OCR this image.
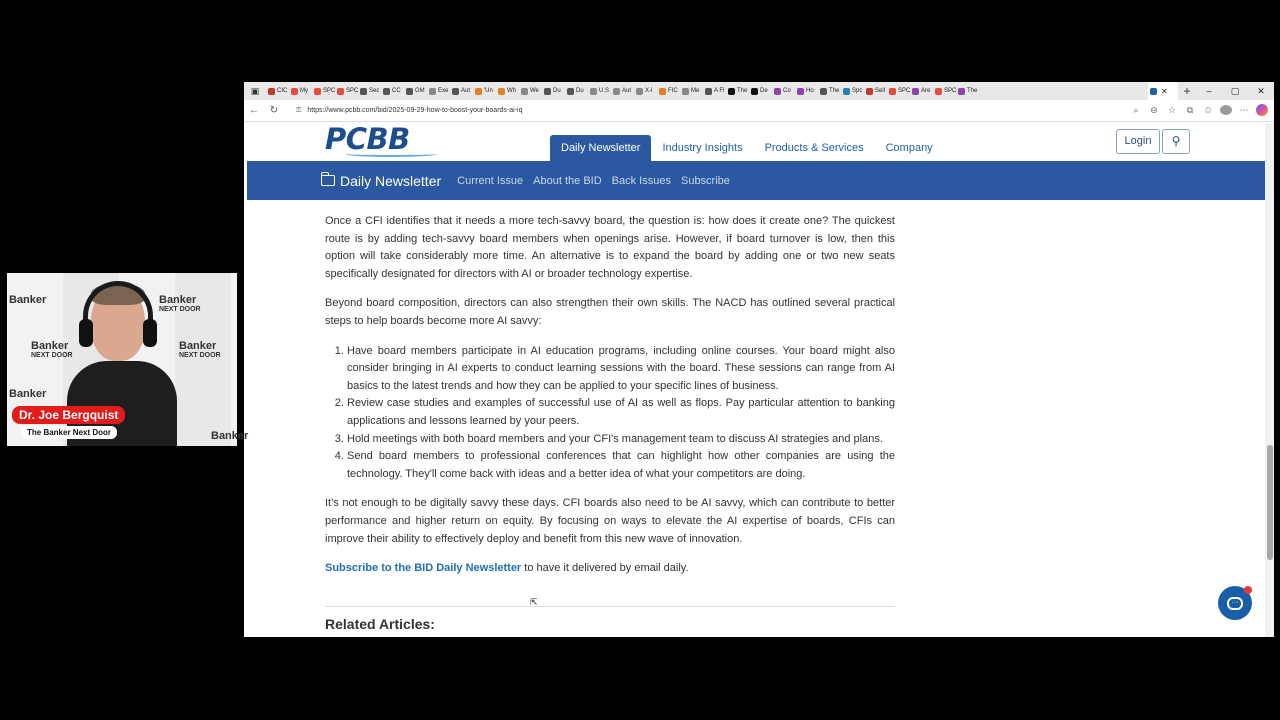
▣	CIC My	SPC SPC Sec CC GM Exe Aut 'Un Wh We Du	Du	U.S Aut X-l	FIC Me A Fi The De	Co	Ho	The Spc Sell SPC Are SPC The	✕	+	–	▢	✕
←	↻	⚿ https://www.pcbb.com/bid/2025-09-29-how-to-boost-your-boards-ai-iq	⌕	⊖ ☆	⧉	✩	⋯
PCBB	Daily Newsletter	Industry Insights	Products & Services	Company
Login	⚲
Daily Newsletter Current Issue About the BID Back Issues Subscribe

Once a CFI identifies that it needs a more tech-savvy board, the question is: how does it create one? The quickest route is by adding tech-savvy board members when openings arise. However, if board turnover is low, then this option will take considerably more time. An alternative is to expand the board by adding one or two new seats specifically designated for directors with AI or broader technology expertise.

Beyond board composition, directors can also strengthen their own skills. The NACD has outlined several practical steps to help boards become more AI savvy:

1. Have board members participate in AI education programs, including online courses. Your board might also consider bringing in AI experts to conduct learning sessions with the board. These sessions can range from AI basics to the latest trends and how they can be applied to your specific lines of business.
2. Review case studies and examples of successful use of AI as well as flops. Pay particular attention to banking applications and lessons learned by your peers.
3. Hold meetings with both board members and your CFI's management team to discuss AI strategies and plans.
4. Send board members to professional conferences that can highlight how other companies are using the technology. They'll come back with ideas and a better idea of what your competitors are doing.

It's not enough to be digitally savvy these days. CFI boards also need to be AI savvy, which can contribute to better performance and higher return on equity. By focusing on ways to elevate the AI expertise of boards, CFIs can improve their ability to effectively deploy and benefit from this new wave of innovation.

Subscribe to the BID Daily Newsletter to have it delivered by email daily.

Related Articles:
⇱	···
Banker	Banker
NEXT DOOR
Banker
NEXT DOOR
Banker
NEXT DOOR
Banker
Banker
Dr. Joe Bergquist
The Banker Next Door
